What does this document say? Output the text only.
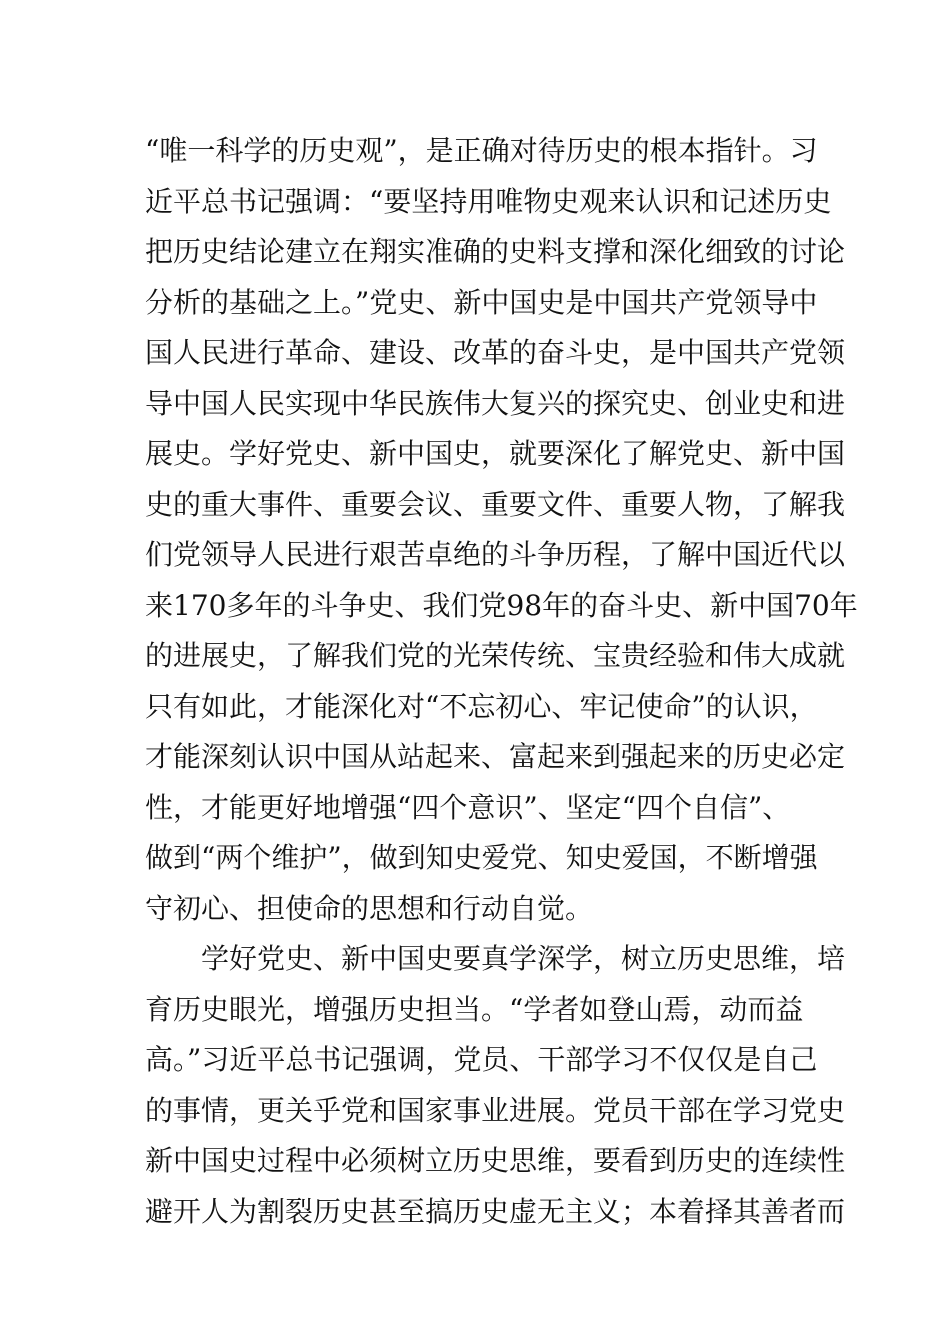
“唯一科学的历史观”，是正确对待历史的根本指针。习
近平总书记强调：“要坚持用唯物史观来认识和记述历史
把历史结论建立在翔实准确的史料支撑和深化细致的讨论
分析的基础之上。”党史、新中国史是中国共产党领导中
国人民进行革命、建设、改革的奋斗史，是中国共产党领
导中国人民实现中华民族伟大复兴的探究史、创业史和进
展史。学好党史、新中国史，就要深化了解党史、新中国
史的重大事件、重要会议、重要文件、重要人物，了解我
们党领导人民进行艰苦卓绝的斗争历程，了解中国近代以
来170多年的斗争史、我们党98年的奋斗史、新中国70年
的进展史，了解我们党的光荣传统、宝贵经验和伟大成就
只有如此，才能深化对“不忘初心、牢记使命”的认识，
才能深刻认识中国从站起来、富起来到强起来的历史必定
性，才能更好地增强“四个意识”、坚定“四个自信”、
做到“两个维护”，做到知史爱党、知史爱国，不断增强
守初心、担使命的思想和行动自觉。
学好党史、新中国史要真学深学，树立历史思维，培
育历史眼光，增强历史担当。“学者如登山焉，动而益
高。”习近平总书记强调，党员、干部学习不仅仅是自己
的事情，更关乎党和国家事业进展。党员干部在学习党史
新中国史过程中必须树立历史思维，要看到历史的连续性
避开人为割裂历史甚至搞历史虚无主义；本着择其善者而
